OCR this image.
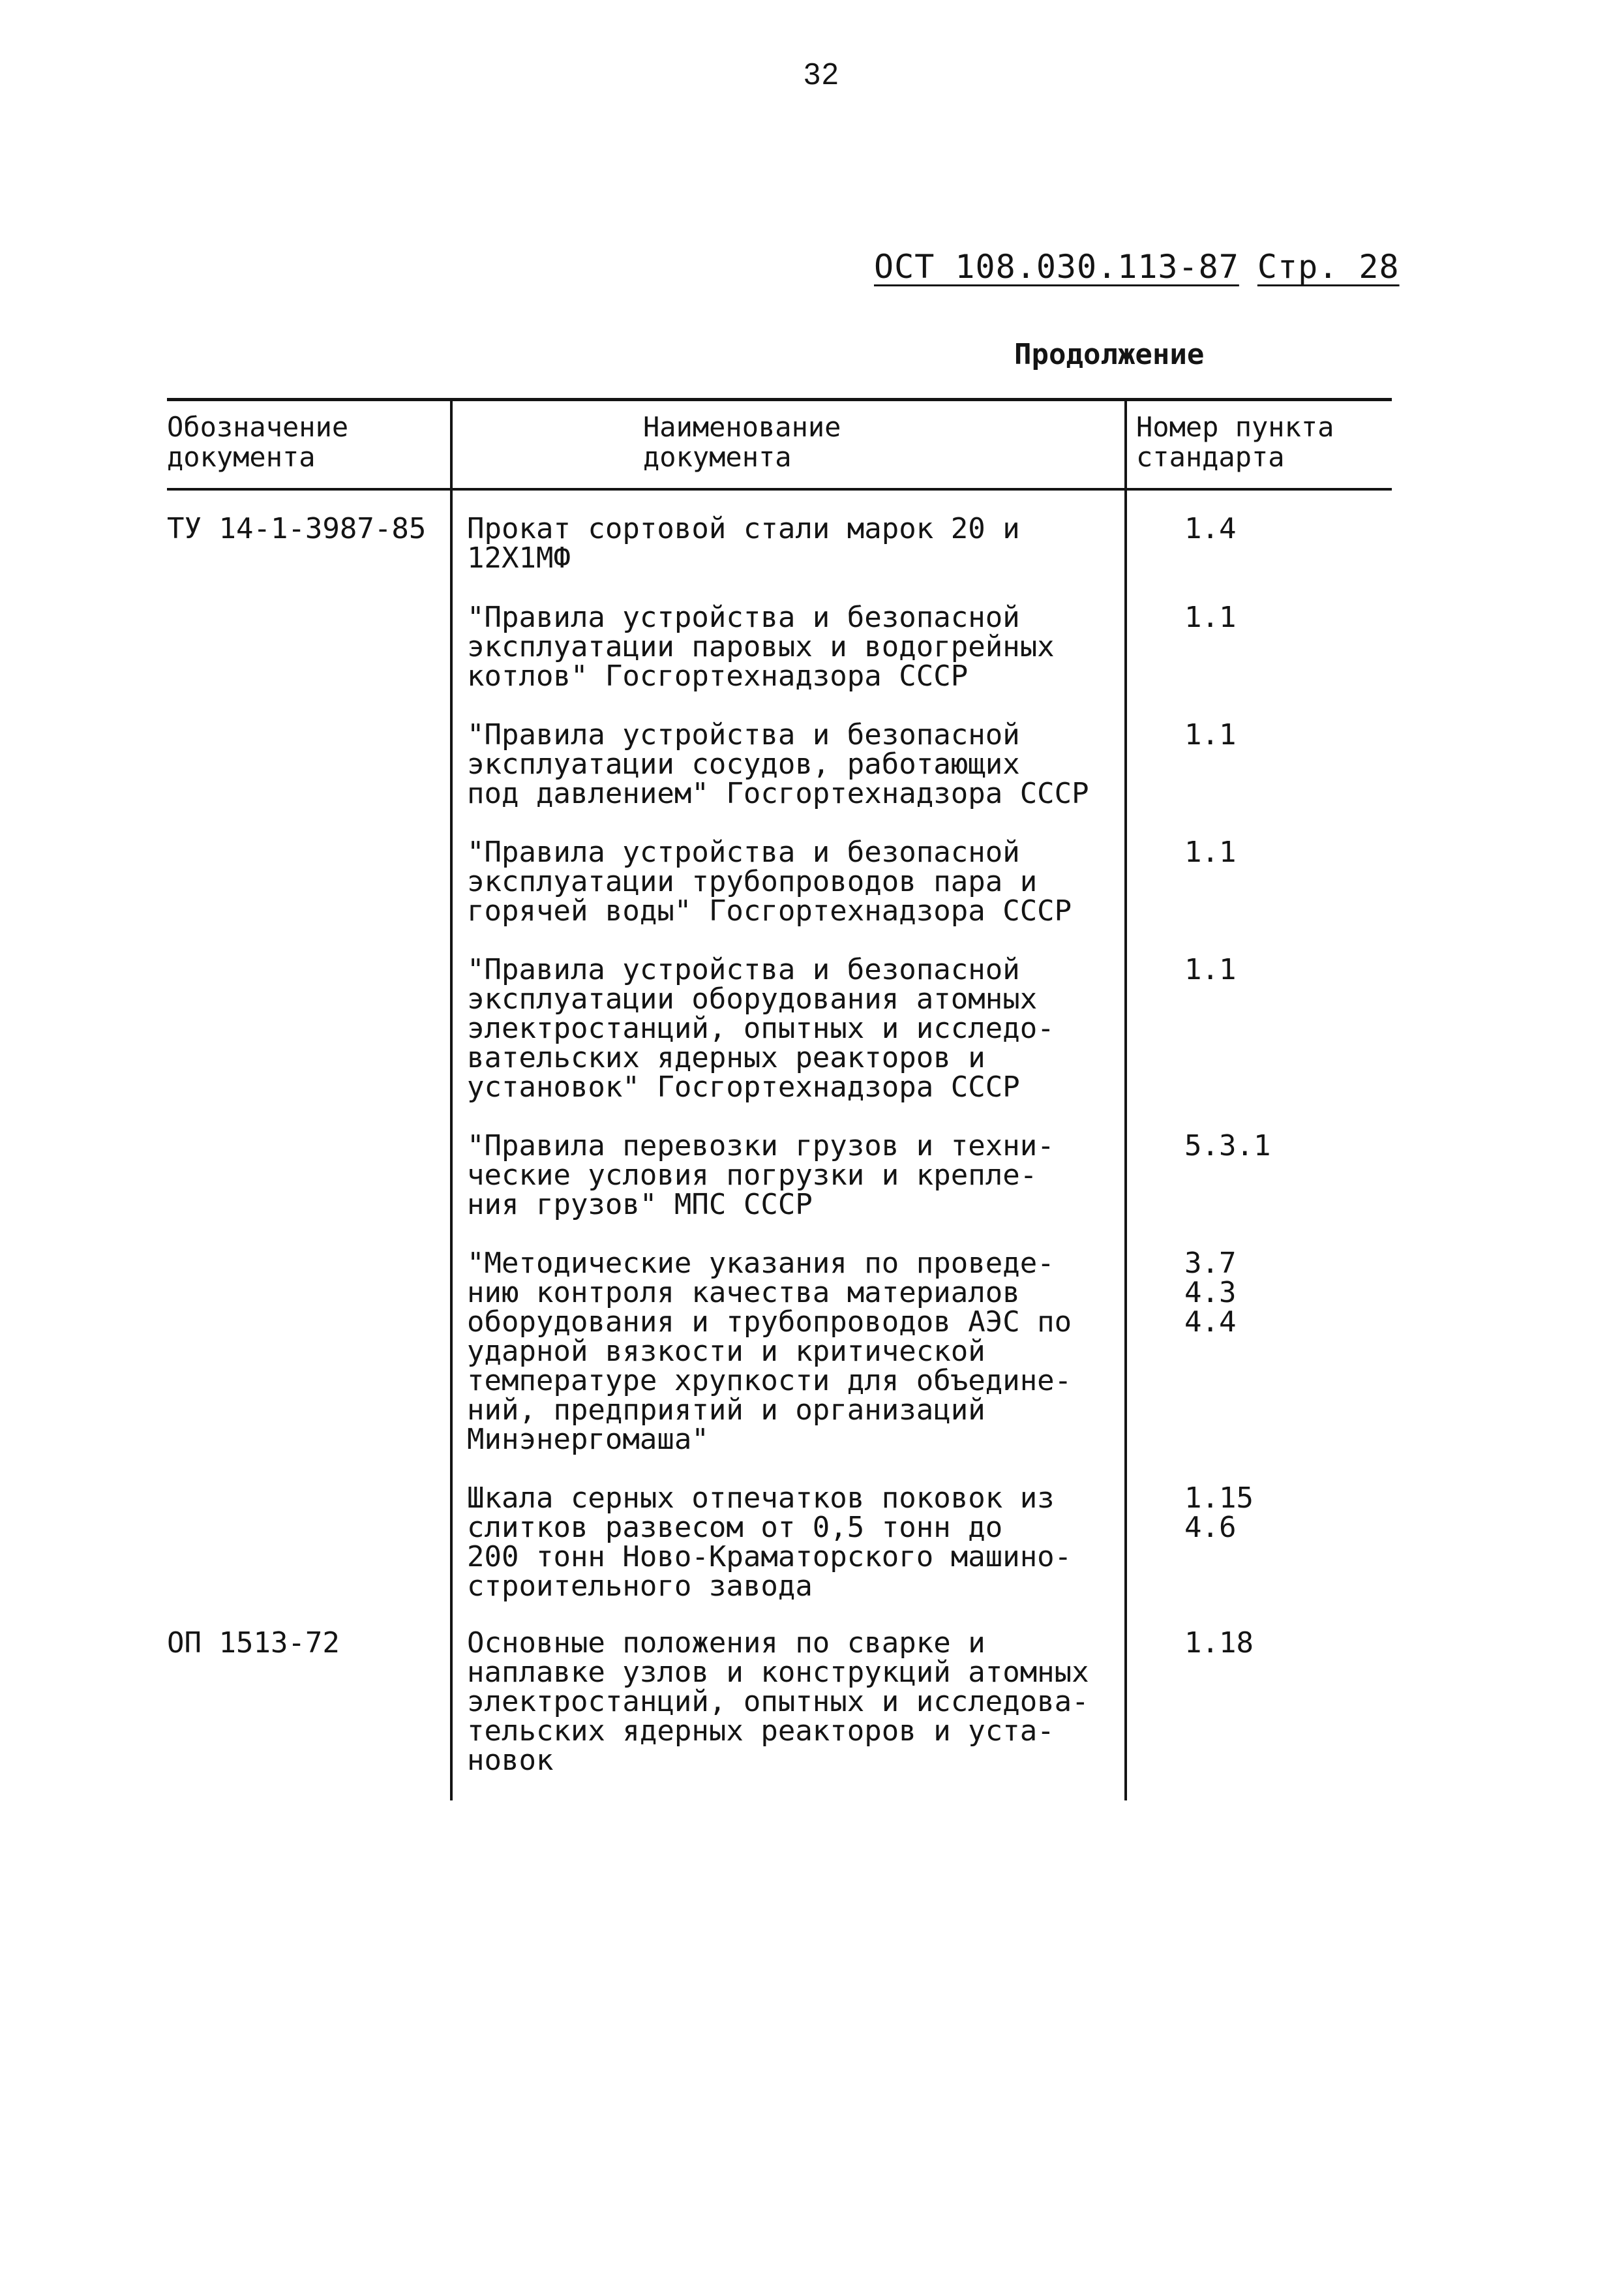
32
ОСТ 108.030.113-87 Стр. 28
Продолжение
Обозначение
документа
Наименование
документа
Номер пункта
стандарта
ТУ 14-1-3987-85	Прокат сортовой стали марок 20 и
12Х1МФ
1.4
"Правила устройства и безопасной
эксплуатации паровых и водогрейных
котлов" Госгортехнадзора СССР
1.1
"Правила устройства и безопасной
эксплуатации сосудов, работающих
под давлением" Госгортехнадзора СССР
1.1
"Правила устройства и безопасной
эксплуатации трубопроводов пара и
горячей воды" Госгортехнадзора СССР
1.1
"Правила устройства и безопасной
эксплуатации оборудования атомных
электростанций, опытных и исследо-
вательских ядерных реакторов и
установок" Госгортехнадзора СССР
1.1
"Правила перевозки грузов и техни-
ческие условия погрузки и крепле-
ния грузов" МПС СССР
5.3.1
"Методические указания по проведе-
нию контроля качества материалов
оборудования и трубопроводов АЭС по
ударной вязкости и критической
температуре хрупкости для объедине-
ний, предприятий и организаций
Минэнергомаша"
3.7
4.3
4.4
Шкала серных отпечатков поковок из
слитков развесом от 0,5 тонн до
200 тонн Ново-Краматорского машино-
строительного завода
1.15
4.6
ОП 1513-72	Основные положения по сварке и
наплавке узлов и конструкций атомных
электростанций, опытных и исследова-
тельских ядерных реакторов и уста-
новок
1.18
